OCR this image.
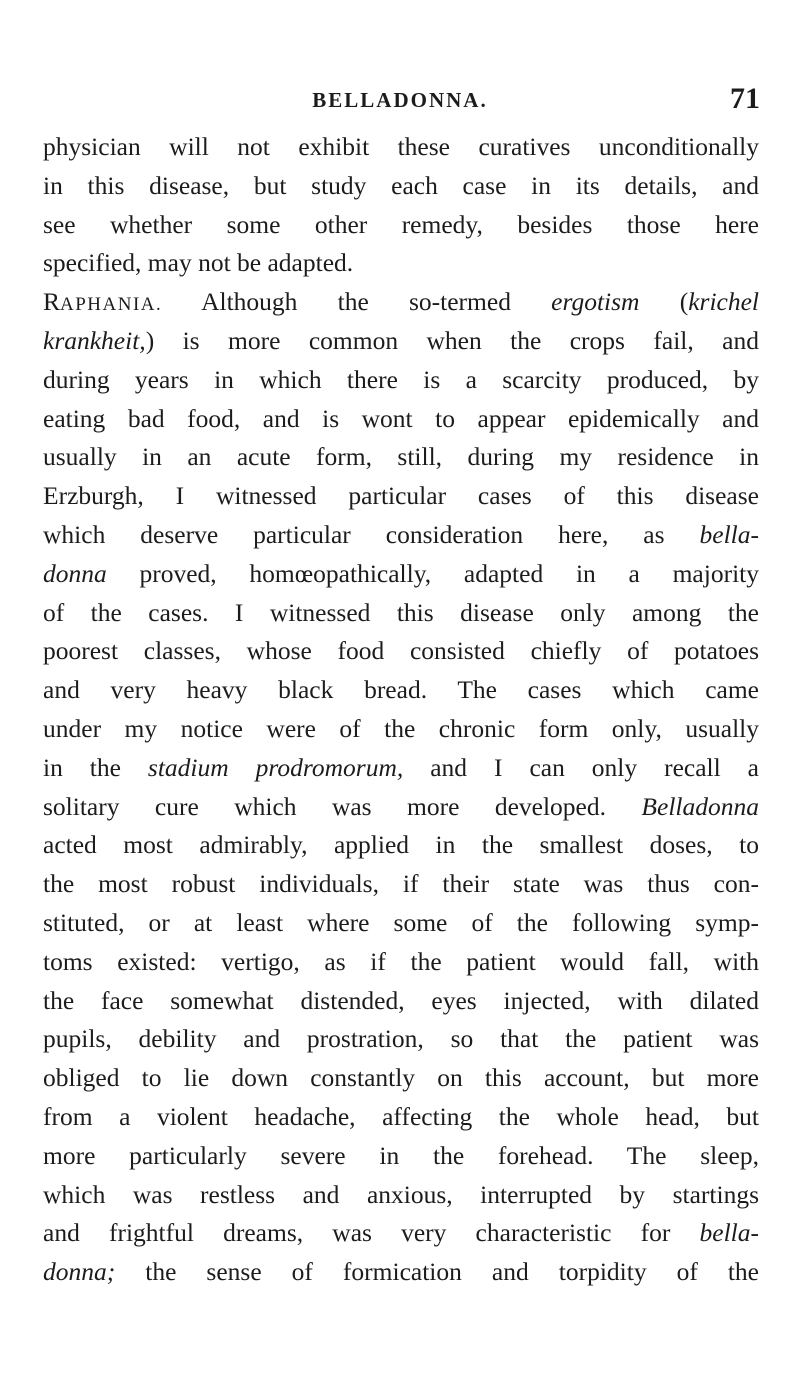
BELLADONNA.	71
physician will not exhibit these curatives unconditionally
in this disease, but study each case in its details, and
see whether some other remedy, besides those here
specified, may not be adapted.
RAPHANIA. Although the so-termed ergotism (krichel
krankheit,) is more common when the crops fail, and
during years in which there is a scarcity produced, by
eating bad food, and is wont to appear epidemically and
usually in an acute form, still, during my residence in
Erzburgh, I witnessed particular cases of this disease
which deserve particular consideration here, as bella-
donna proved, homœopathically, adapted in a majority
of the cases. I witnessed this disease only among the
poorest classes, whose food consisted chiefly of potatoes
and very heavy black bread. The cases which came
under my notice were of the chronic form only, usually
in the stadium prodromorum, and I can only recall a
solitary cure which was more developed. Belladonna
acted most admirably, applied in the smallest doses, to
the most robust individuals, if their state was thus con-
stituted, or at least where some of the following symp-
toms existed: vertigo, as if the patient would fall, with
the face somewhat distended, eyes injected, with dilated
pupils, debility and prostration, so that the patient was
obliged to lie down constantly on this account, but more
from a violent headache, affecting the whole head, but
more particularly severe in the forehead. The sleep,
which was restless and anxious, interrupted by startings
and frightful dreams, was very characteristic for bella-
donna; the sense of formication and torpidity of the
